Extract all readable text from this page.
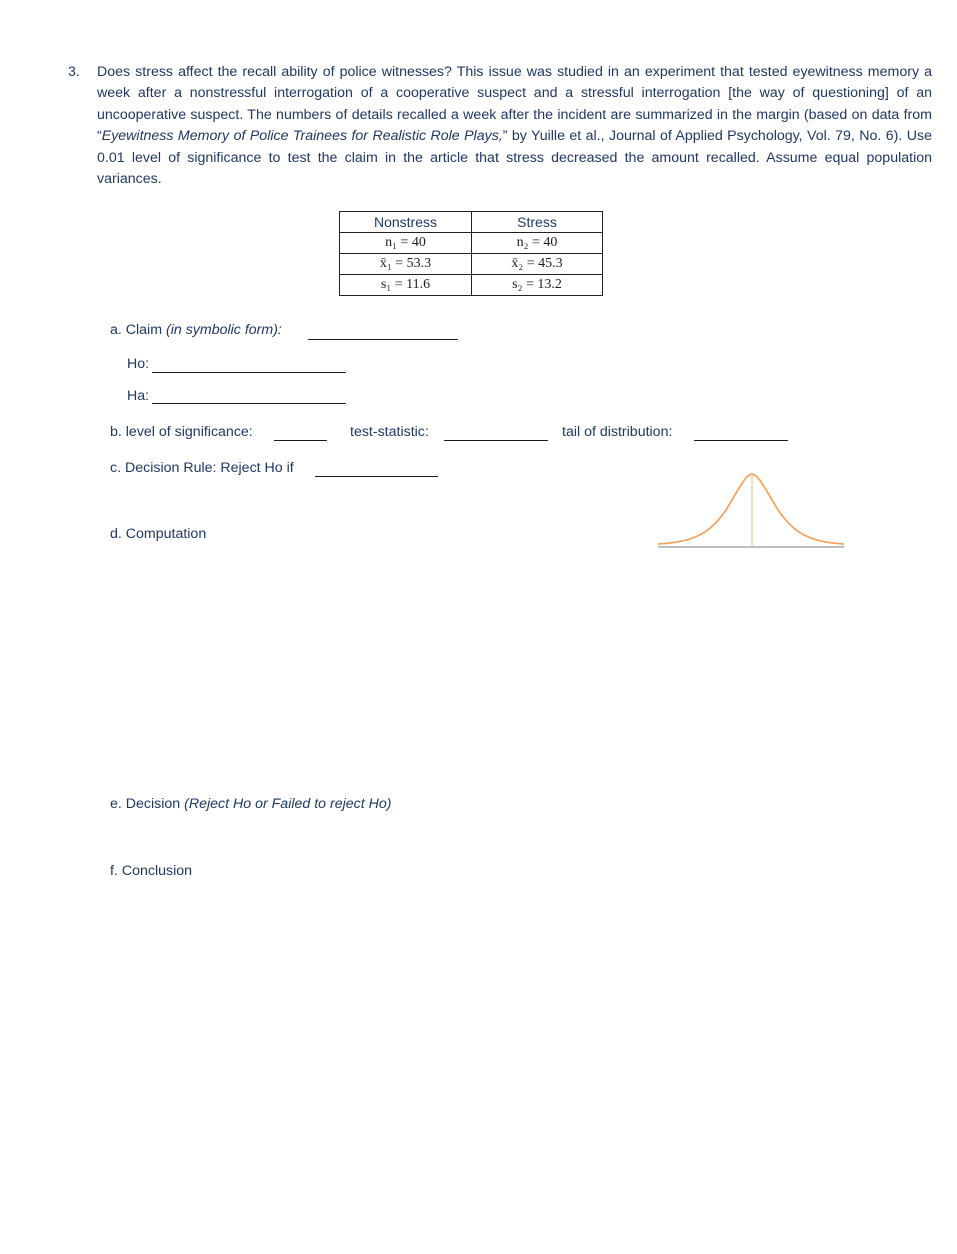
3. Does stress affect the recall ability of police witnesses? This issue was studied in an experiment that tested eyewitness memory a week after a nonstressful interrogation of a cooperative suspect and a stressful interrogation [the way of questioning] of an uncooperative suspect. The numbers of details recalled a week after the incident are summarized in the margin (based on data from “Eyewitness Memory of Police Trainees for Realistic Role Plays,” by Yuille et al., Journal of Applied Psychology, Vol. 79, No. 6). Use 0.01 level of significance to test the claim in the article that stress decreased the amount recalled. Assume equal population variances.
Nonstress	Stress
n₁ = 40	n₂ = 40
x̄₁ = 53.3	x̄₂ = 45.3
s₁ = 11.6	s₂ = 13.2
a. Claim (in symbolic form):
Ho:
Ha:
b. level of significance:	test-statistic:	tail of distribution:
c. Decision Rule: Reject Ho if
d. Computation
e. Decision (Reject Ho or Failed to reject Ho)
f. Conclusion
